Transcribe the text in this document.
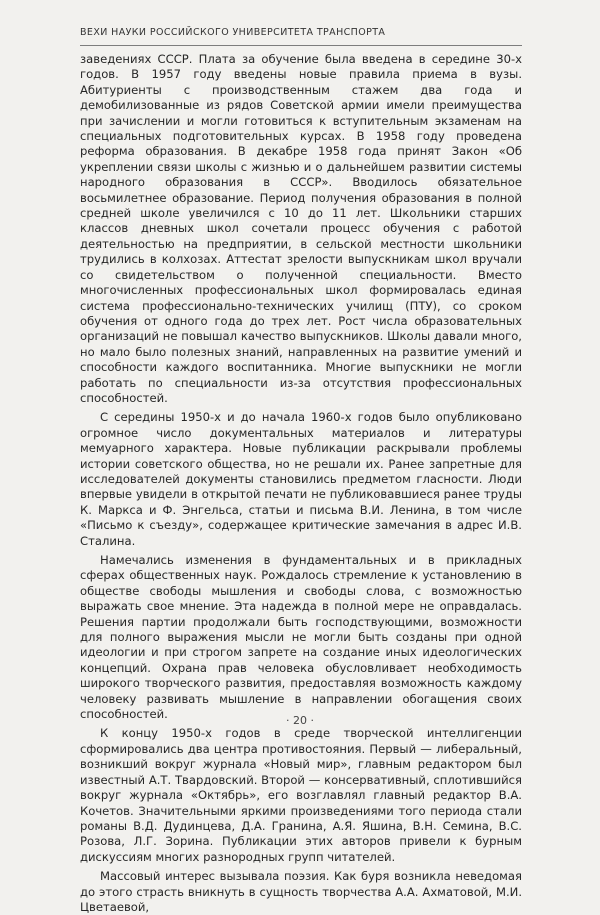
ВЕХИ НАУКИ РОССИЙСКОГО УНИВЕРСИТЕТА ТРАНСПОРТА

заведениях СССР. Плата за обучение была введена в середине 30-х годов. В 1957 году введены новые правила приема в вузы. Абитуриенты с производственным стажем два года и демобилизованные из рядов Советской армии имели преимущества при зачислении и могли готовиться к вступительным экзаменам на специальных подготовительных курсах. В 1958 году проведена реформа образования. В декабре 1958 года принят Закон «Об укреплении связи школы с жизнью и о дальнейшем развитии системы народного образования в СССР». Вводилось обязательное восьмилетнее образование. Период получения образования в полной средней школе увеличился с 10 до 11 лет. Школьники старших классов дневных школ сочетали процесс обучения с работой деятельностью на предприятии, в сельской местности школьники трудились в колхозах. Аттестат зрелости выпускникам школ вручали со свидетельством о полученной специальности. Вместо многочисленных профессиональных школ формировалась единая система профессионально-технических училищ (ПТУ), со сроком обучения от одного года до трех лет. Рост числа образовательных организаций не повышал качество выпускников. Школы давали много, но мало было полезных знаний, направленных на развитие умений и способности каждого воспитанника. Многие выпускники не могли работать по специальности из-за отсутствия профессиональных способностей.

С середины 1950-х и до начала 1960-х годов было опубликовано огромное число документальных материалов и литературы мемуарного характера. Новые публикации раскрывали проблемы истории советского общества, но не решали их. Ранее запретные для исследователей документы становились предметом гласности. Люди впервые увидели в открытой печати не публиковавшиеся ранее труды К. Маркса и Ф. Энгельса, статьи и письма В.И. Ленина, в том числе «Письмо к съезду», содержащее критические замечания в адрес И.В. Сталина.

Намечались изменения в фундаментальных и в прикладных сферах общественных наук. Рождалось стремление к установлению в обществе свободы мышления и свободы слова, с возможностью выражать свое мнение. Эта надежда в полной мере не оправдалась. Решения партии продолжали быть господствующими, возможности для полного выражения мысли не могли быть созданы при одной идеологии и при строгом запрете на создание иных идеологических концепций. Охрана прав человека обусловливает необходимость широкого творческого развития, предоставляя возможность каждому человеку развивать мышление в направлении обогащения своих способностей.

К концу 1950-х годов в среде творческой интеллигенции сформировались два центра противостояния. Первый — либеральный, возникший вокруг журнала «Новый мир», главным редактором был известный А.Т. Твардовский. Второй — консервативный, сплотившийся вокруг журнала «Октябрь», его возглавлял главный редактор В.А. Кочетов. Значительными яркими произведениями того периода стали романы В.Д. Дудинцева, Д.А. Гранина, А.Я. Яшина, В.Н. Семина, В.С. Розова, Л.Г. Зорина. Публикации этих авторов привели к бурным дискуссиям многих разнородных групп читателей.

Массовый интерес вызывала поэзия. Как буря возникла неведомая до этого страсть вникнуть в сущность творчества А.А. Ахматовой, М.И. Цветаевой,

· 20 ·
